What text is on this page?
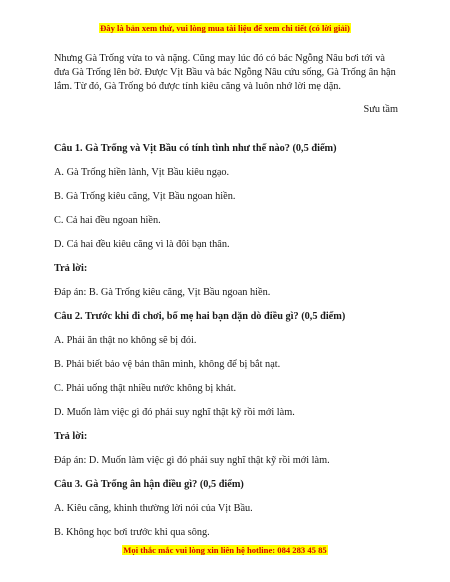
Đây là bản xem thử, vui lòng mua tài liệu để xem chi tiết (có lời giải)

Nhưng Gà Trống vừa to và nặng. Cũng may lúc đó có bác Ngỗng Nâu bơi tới và

đưa Gà Trống lên bờ. Được Vịt Bầu và bác Ngỗng Nâu cứu sống, Gà Trống ân hận

lắm. Từ đó, Gà Trống bỏ được tính kiêu căng và luôn nhớ lời mẹ dặn.

Sưu tầm

Câu 1. Gà Trống và Vịt Bầu có tính tình như thế nào? (0,5 điểm)

A. Gà Trống hiền lành, Vịt Bầu kiêu ngạo.

B. Gà Trống kiêu căng, Vịt Bầu ngoan hiền.

C. Cả hai đều ngoan hiền.

D. Cả hai đều kiêu căng vì là đôi bạn thân.

Trả lời:

Đáp án: B. Gà Trống kiêu căng, Vịt Bầu ngoan hiền.

Câu 2. Trước khi đi chơi, bố mẹ hai bạn dặn dò điều gì? (0,5 điểm)

A. Phải ăn thật no không sẽ bị đói.

B. Phải biết bảo vệ bản thân mình, không để bị bắt nạt.

C. Phải uống thật nhiều nước không bị khát.

D. Muốn làm việc gì đó phải suy nghĩ thật kỹ rồi mới làm.

Trả lời:

Đáp án: D. Muốn làm việc gì đó phải suy nghĩ thật kỹ rồi mới làm.

Câu 3. Gà Trống ân hận điều gì? (0,5 điểm)

A. Kiêu căng, khinh thường lời nói của Vịt Bầu.

B. Không học bơi trước khi qua sông.

Mọi thắc mắc vui lòng xin liên hệ hotline: 084 283 45 85
